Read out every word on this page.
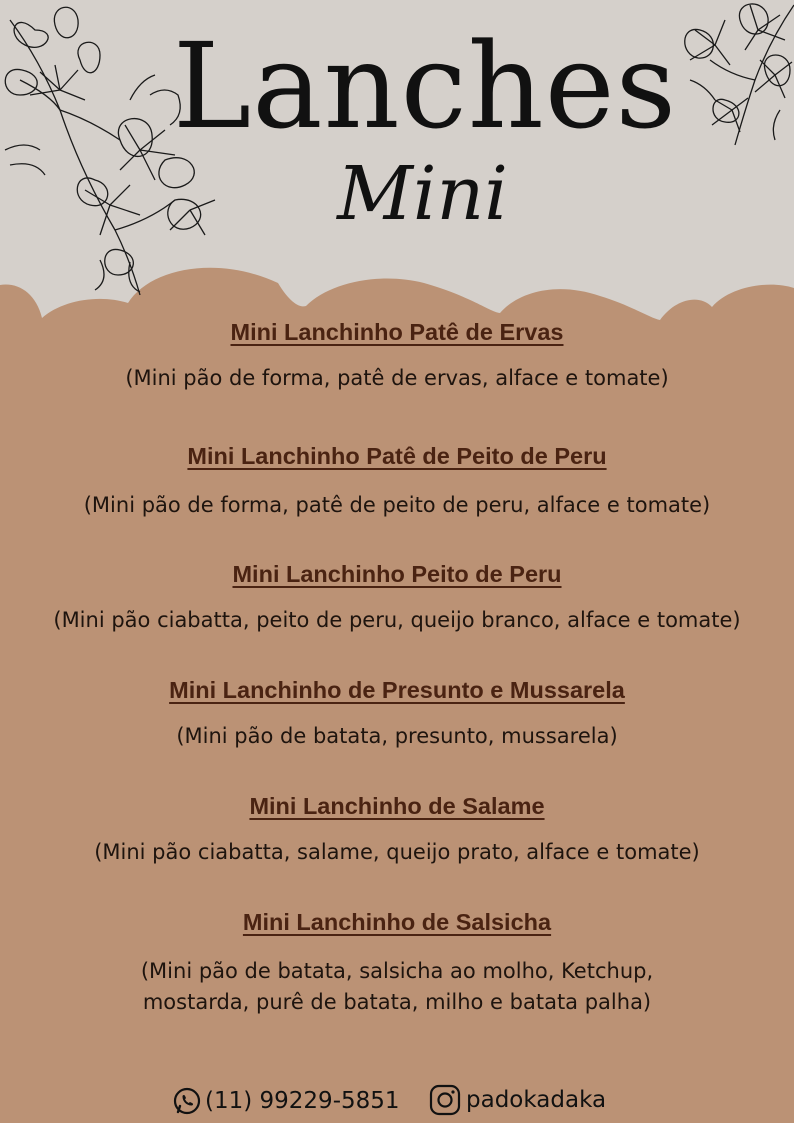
Lanches
Mini
Mini Lanchinho Patê de Ervas
(Mini pão de forma, patê de ervas, alface e tomate)
Mini Lanchinho Patê de Peito de Peru
(Mini pão de forma, patê de peito de peru, alface e tomate)
Mini Lanchinho Peito de Peru
(Mini pão ciabatta, peito de peru, queijo branco, alface e tomate)
Mini Lanchinho de Presunto e Mussarela
(Mini pão de batata, presunto, mussarela)
Mini Lanchinho de Salame
(Mini pão ciabatta, salame, queijo prato, alface e tomate)
Mini Lanchinho de Salsicha
(Mini pão de batata, salsicha ao molho, Ketchup,
mostarda, purê de batata, milho e batata palha)
(11) 99229-5851	padokadaka
